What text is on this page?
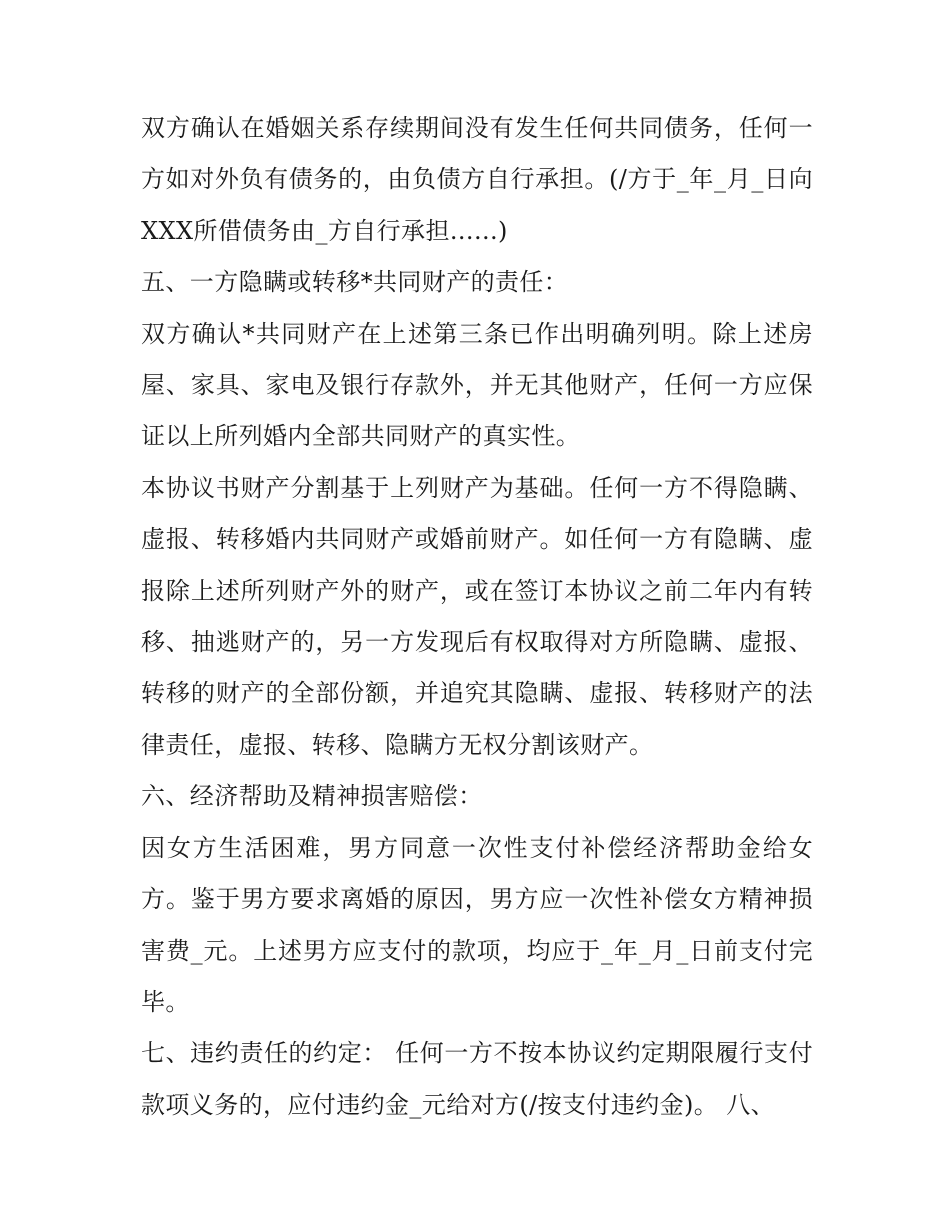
双方确认在婚姻关系存续期间没有发生任何共同债务，任何一方如对外负有债务的，由负债方自行承担。(/方于_年_月_日向XXX所借债务由_方自行承担......)

五、一方隐瞒或转移*共同财产的责任：

双方确认*共同财产在上述第三条已作出明确列明。除上述房屋、家具、家电及银行存款外，并无其他财产，任何一方应保证以上所列婚内全部共同财产的真实性。

本协议书财产分割基于上列财产为基础。任何一方不得隐瞒、虚报、转移婚内共同财产或婚前财产。如任何一方有隐瞒、虚报除上述所列财产外的财产，或在签订本协议之前二年内有转移、抽逃财产的，另一方发现后有权取得对方所隐瞒、虚报、转移的财产的全部份额，并追究其隐瞒、虚报、转移财产的法律责任，虚报、转移、隐瞒方无权分割该财产。

六、经济帮助及精神损害赔偿：

因女方生活困难，男方同意一次性支付补偿经济帮助金给女方。鉴于男方要求离婚的原因，男方应一次性补偿女方精神损害费_元。上述男方应支付的款项，均应于_年_月_日前支付完毕。

七、违约责任的约定： 任何一方不按本协议约定期限履行支付款项义务的，应付违约金_元给对方(/按支付违约金)。 八、
